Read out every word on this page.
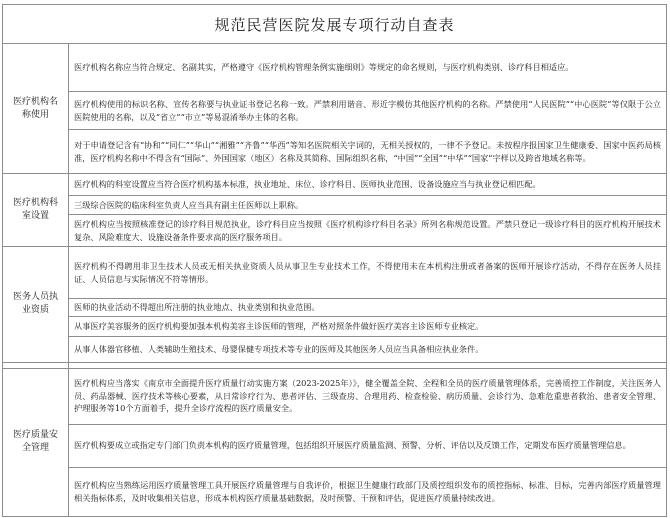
规范民营医院发展专项行动自查表	
医疗机构名称使用	医疗机构名称应当符合规定、名副其实，严格遵守《医疗机构管理条例实施细则》等规定的命名规则，与医疗机构类别、诊疗科目相适应。
	医疗机构使用的标识名称、宣传名称要与执业证书登记名称一致。严禁利用谐音、形近字模仿其他医疗机构的名称。严禁使用“人民医院”“中心医院”等仅限于公立医院使用的名称，以及“省立”“市立”等易混淆举办主体的名称。
	对于申请登记含有“协和”“同仁”“华山”“湘雅”“齐鲁”“华西”等知名医院相关字词的，无相关授权的，一律不予登记。未按程序报国家卫生健康委、国家中医药局核准，医疗机构名称中不得含有“国际”、外国国家（地区）名称及其简称、国际组织名称，“中国”“全国”“中华”“国家”字样以及跨省地域名称等。
医疗机构科室设置	医疗机构的科室设置应当符合医疗机构基本标准，执业地址、床位、诊疗科目、医师执业范围、设备设施应当与执业登记相匹配。
	三级综合医院的临床科室负责人应当具有副主任医师以上职称。
	医疗机构应当按照核准登记的诊疗科目规范执业，诊疗科目应当按照《医疗机构诊疗科目名录》所列名称规范设置。严禁只登记一级诊疗科目的医疗机构开展技术复杂、风险难度大、设施设备条件要求高的医疗服务项目。
医务人员执业资质	医疗机构不得聘用非卫生技术人员或无相关执业资质人员从事卫生专业技术工作，不得使用未在本机构注册或者备案的医师开展诊疗活动，不得存在医务人员挂证、人员信息与实际情况不符等情形。
	医师的执业活动不得超出所注册的执业地点、执业类别和执业范围。
	从事医疗美容服务的医疗机构要加强本机构美容主诊医师的管理，严格对照条件做好医疗美容主诊医师专业核定。
	从事人体器官移植、人类辅助生殖技术、母婴保健专项技术等专业的医师及其他医务人员应当具备相应执业条件。

医疗质量安全管理	医疗机构应当落实《南京市全面提升医疗质量行动实施方案（2023-2025年）》，健全覆盖全院、全程和全员的医疗质量管理体系，完善质控工作制度，关注医务人员、药品器械、医疗技术等核心要素，从日常诊疗行为、患者评估、三级查房、合理用药、检查检验、病历质量、会诊行为、急难危重患者救治、患者安全管理、护理服务等10个方面着手，提升全诊疗流程的医疗质量安全。
	医疗机构要成立或指定专门部门负责本机构的医疗质量管理，包括组织开展医疗质量监测、预警、分析、评估以及反馈工作，定期发布医疗质量管理信息。
	医疗机构应当熟练运用医疗质量管理工具开展医疗质量管理与自我评价，根据卫生健康行政部门及质控组织发布的质控指标、标准、目标，完善内部医疗质量管理相关指标体系，及时收集相关信息，形成本机构医疗质量基础数据，及时预警、干预和评估，促进医疗质量持续改进。
